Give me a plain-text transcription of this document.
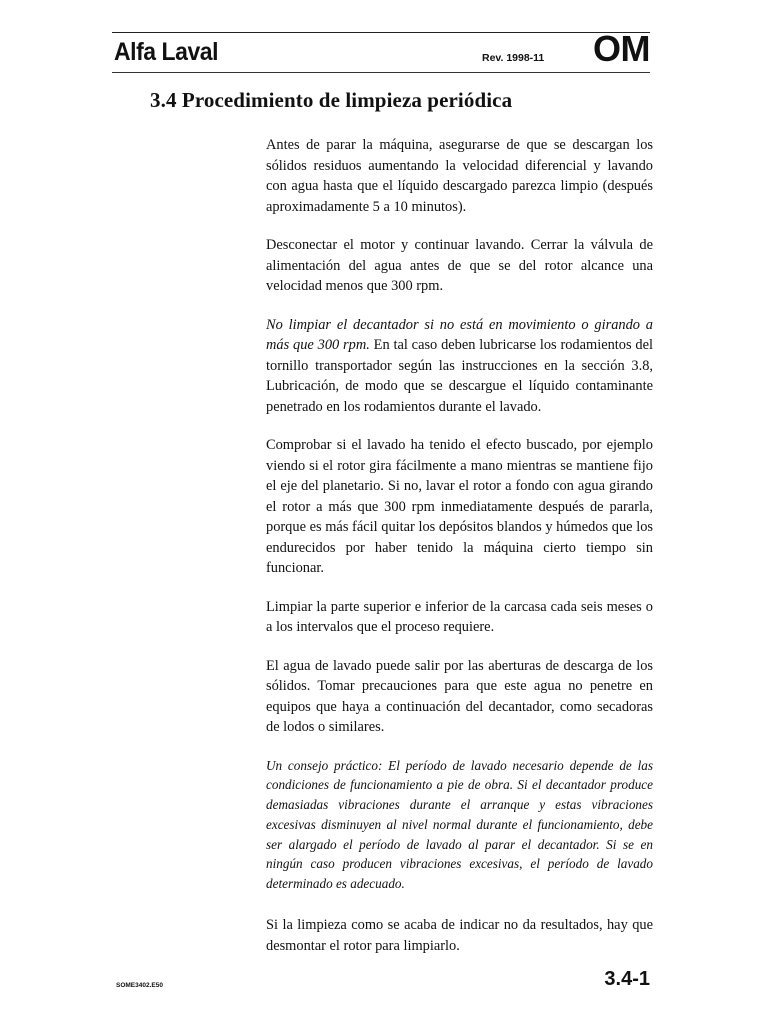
Alfa Laval	Rev. 1998-11 OM
3.4 Procedimiento de limpieza periódica

Antes de parar la máquina, asegurarse de que se descargan los sólidos residuos aumentando la velocidad diferencial y lavando con agua hasta que el líquido descargado parezca limpio (después aproximadamente 5 a 10 minutos).

Desconectar el motor y continuar lavando. Cerrar la válvula de alimentación del agua antes de que se del rotor alcance una velocidad menos que 300 rpm.

No limpiar el decantador si no está en movimiento o girando a más que 300 rpm. En tal caso deben lubricarse los rodamientos del tornillo transportador según las instrucciones en la sección 3.8, Lubricación, de modo que se descargue el líquido contaminante penetrado en los rodamientos durante el lavado.

Comprobar si el lavado ha tenido el efecto buscado, por ejemplo viendo si el rotor gira fácilmente a mano mientras se mantiene fijo el eje del planetario. Si no, lavar el rotor a fondo con agua girando el rotor a más que 300 rpm inmediatamente después de pararla, porque es más fácil quitar los depósitos blandos y húmedos que los endurecidos por haber tenido la máquina cierto tiempo sin funcionar.

Limpiar la parte superior e inferior de la carcasa cada seis meses o a los intervalos que el proceso requiere.

El agua de lavado puede salir por las aberturas de descarga de los sólidos. Tomar precauciones para que este agua no penetre en equipos que haya a continuación del decantador, como secadoras de lodos o similares.

Un consejo práctico: El período de lavado necesario depende de las condiciones de funcionamiento a pie de obra. Si el decantador produce demasiadas vibraciones durante el arranque y estas vibraciones excesivas disminuyen al nivel normal durante el funcionamiento, debe ser alargado el período de lavado al parar el decantador. Si se en ningún caso producen vibraciones excesivas, el período de lavado determinado es adecuado.

Si la limpieza como se acaba de indicar no da resultados, hay que desmontar el rotor para limpiarlo.

SOME3402.E50	3.4-1
